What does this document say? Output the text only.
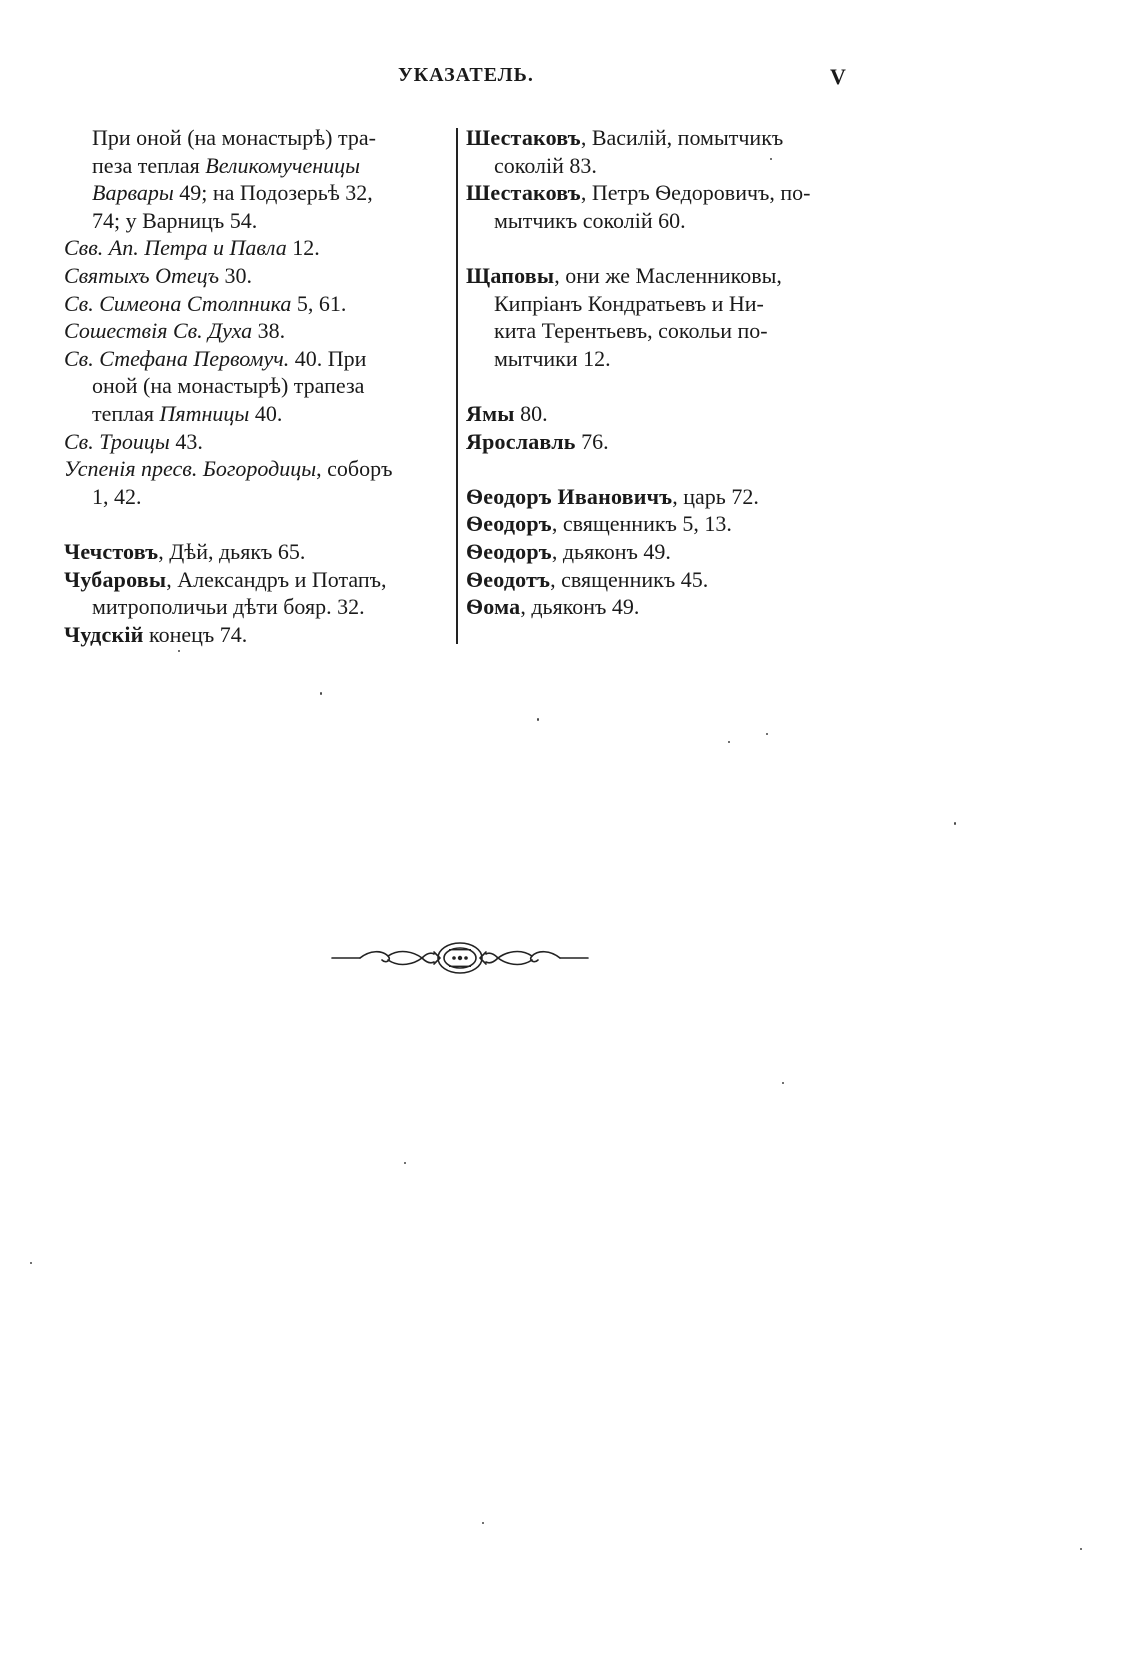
УКАЗАТЕЛЬ.	V
При оной (на монастырѣ) тра-
пеза теплая Великомученицы
Варвары 49; на Подозерьѣ 32,
74; у Варницъ 54.
Свв. Ап. Петра и Павла 12.
Святыхъ Отецъ 30.
Св. Симеона Столпника 5, 61.
Сошествія Св. Духа 38.
Св. Стефана Первомуч. 40. При
оной (на монастырѣ) трапеза
теплая Пятницы 40.
Св. Троицы 43.
Успенія пресв. Богородицы, соборъ
1, 42.
Чечстовъ, Дѣй, дьякъ 65.
Чубаровы, Александръ и Потапъ,
митрополичьи дѣти бояр. 32.
Чудскій конецъ 74.
Шестаковъ, Василій, помытчикъ
соколій 83.
Шестаковъ, Петръ Ѳедоровичъ, по-
мытчикъ соколій 60.
Щаповы, они же Масленниковы,
Кипріанъ Кондратьевъ и Ни-
кита Терентьевъ, сокольи по-
мытчики 12.
Ямы 80.
Ярославль 76.
Ѳеодоръ Ивановичъ, царь 72.
Ѳеодоръ, священникъ 5, 13.
Ѳеодоръ, дьяконъ 49.
Ѳеодотъ, священникъ 45.
Ѳома, дьяконъ 49.
